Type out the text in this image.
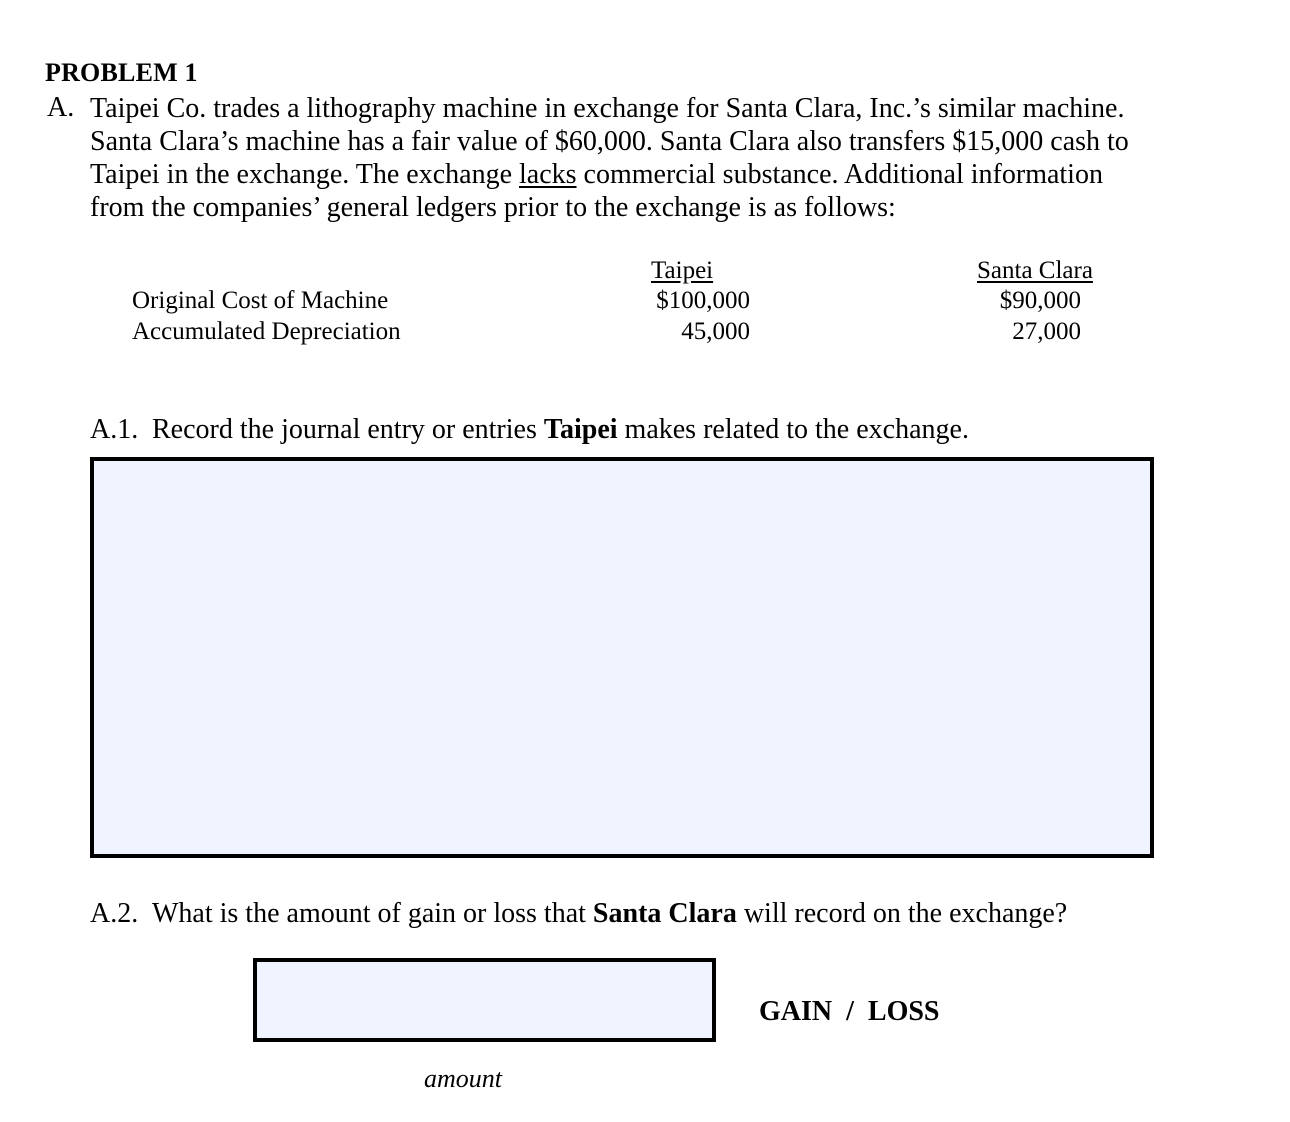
PROBLEM 1
A. Taipei Co. trades a lithography machine in exchange for Santa Clara, Inc.’s similar machine.
Santa Clara’s machine has a fair value of $60,000. Santa Clara also transfers $15,000 cash to
Taipei in the exchange. The exchange lacks commercial substance. Additional information
from the companies’ general ledgers prior to the exchange is as follows:
Taipei	Santa Clara
Original Cost of Machine
Accumulated Depreciation
$100,000
45,000
$90,000
27,000
A.1. Record the journal entry or entries Taipei makes related to the exchange.
A.2. What is the amount of gain or loss that Santa Clara will record on the exchange?
GAIN  /  LOSS
amount
